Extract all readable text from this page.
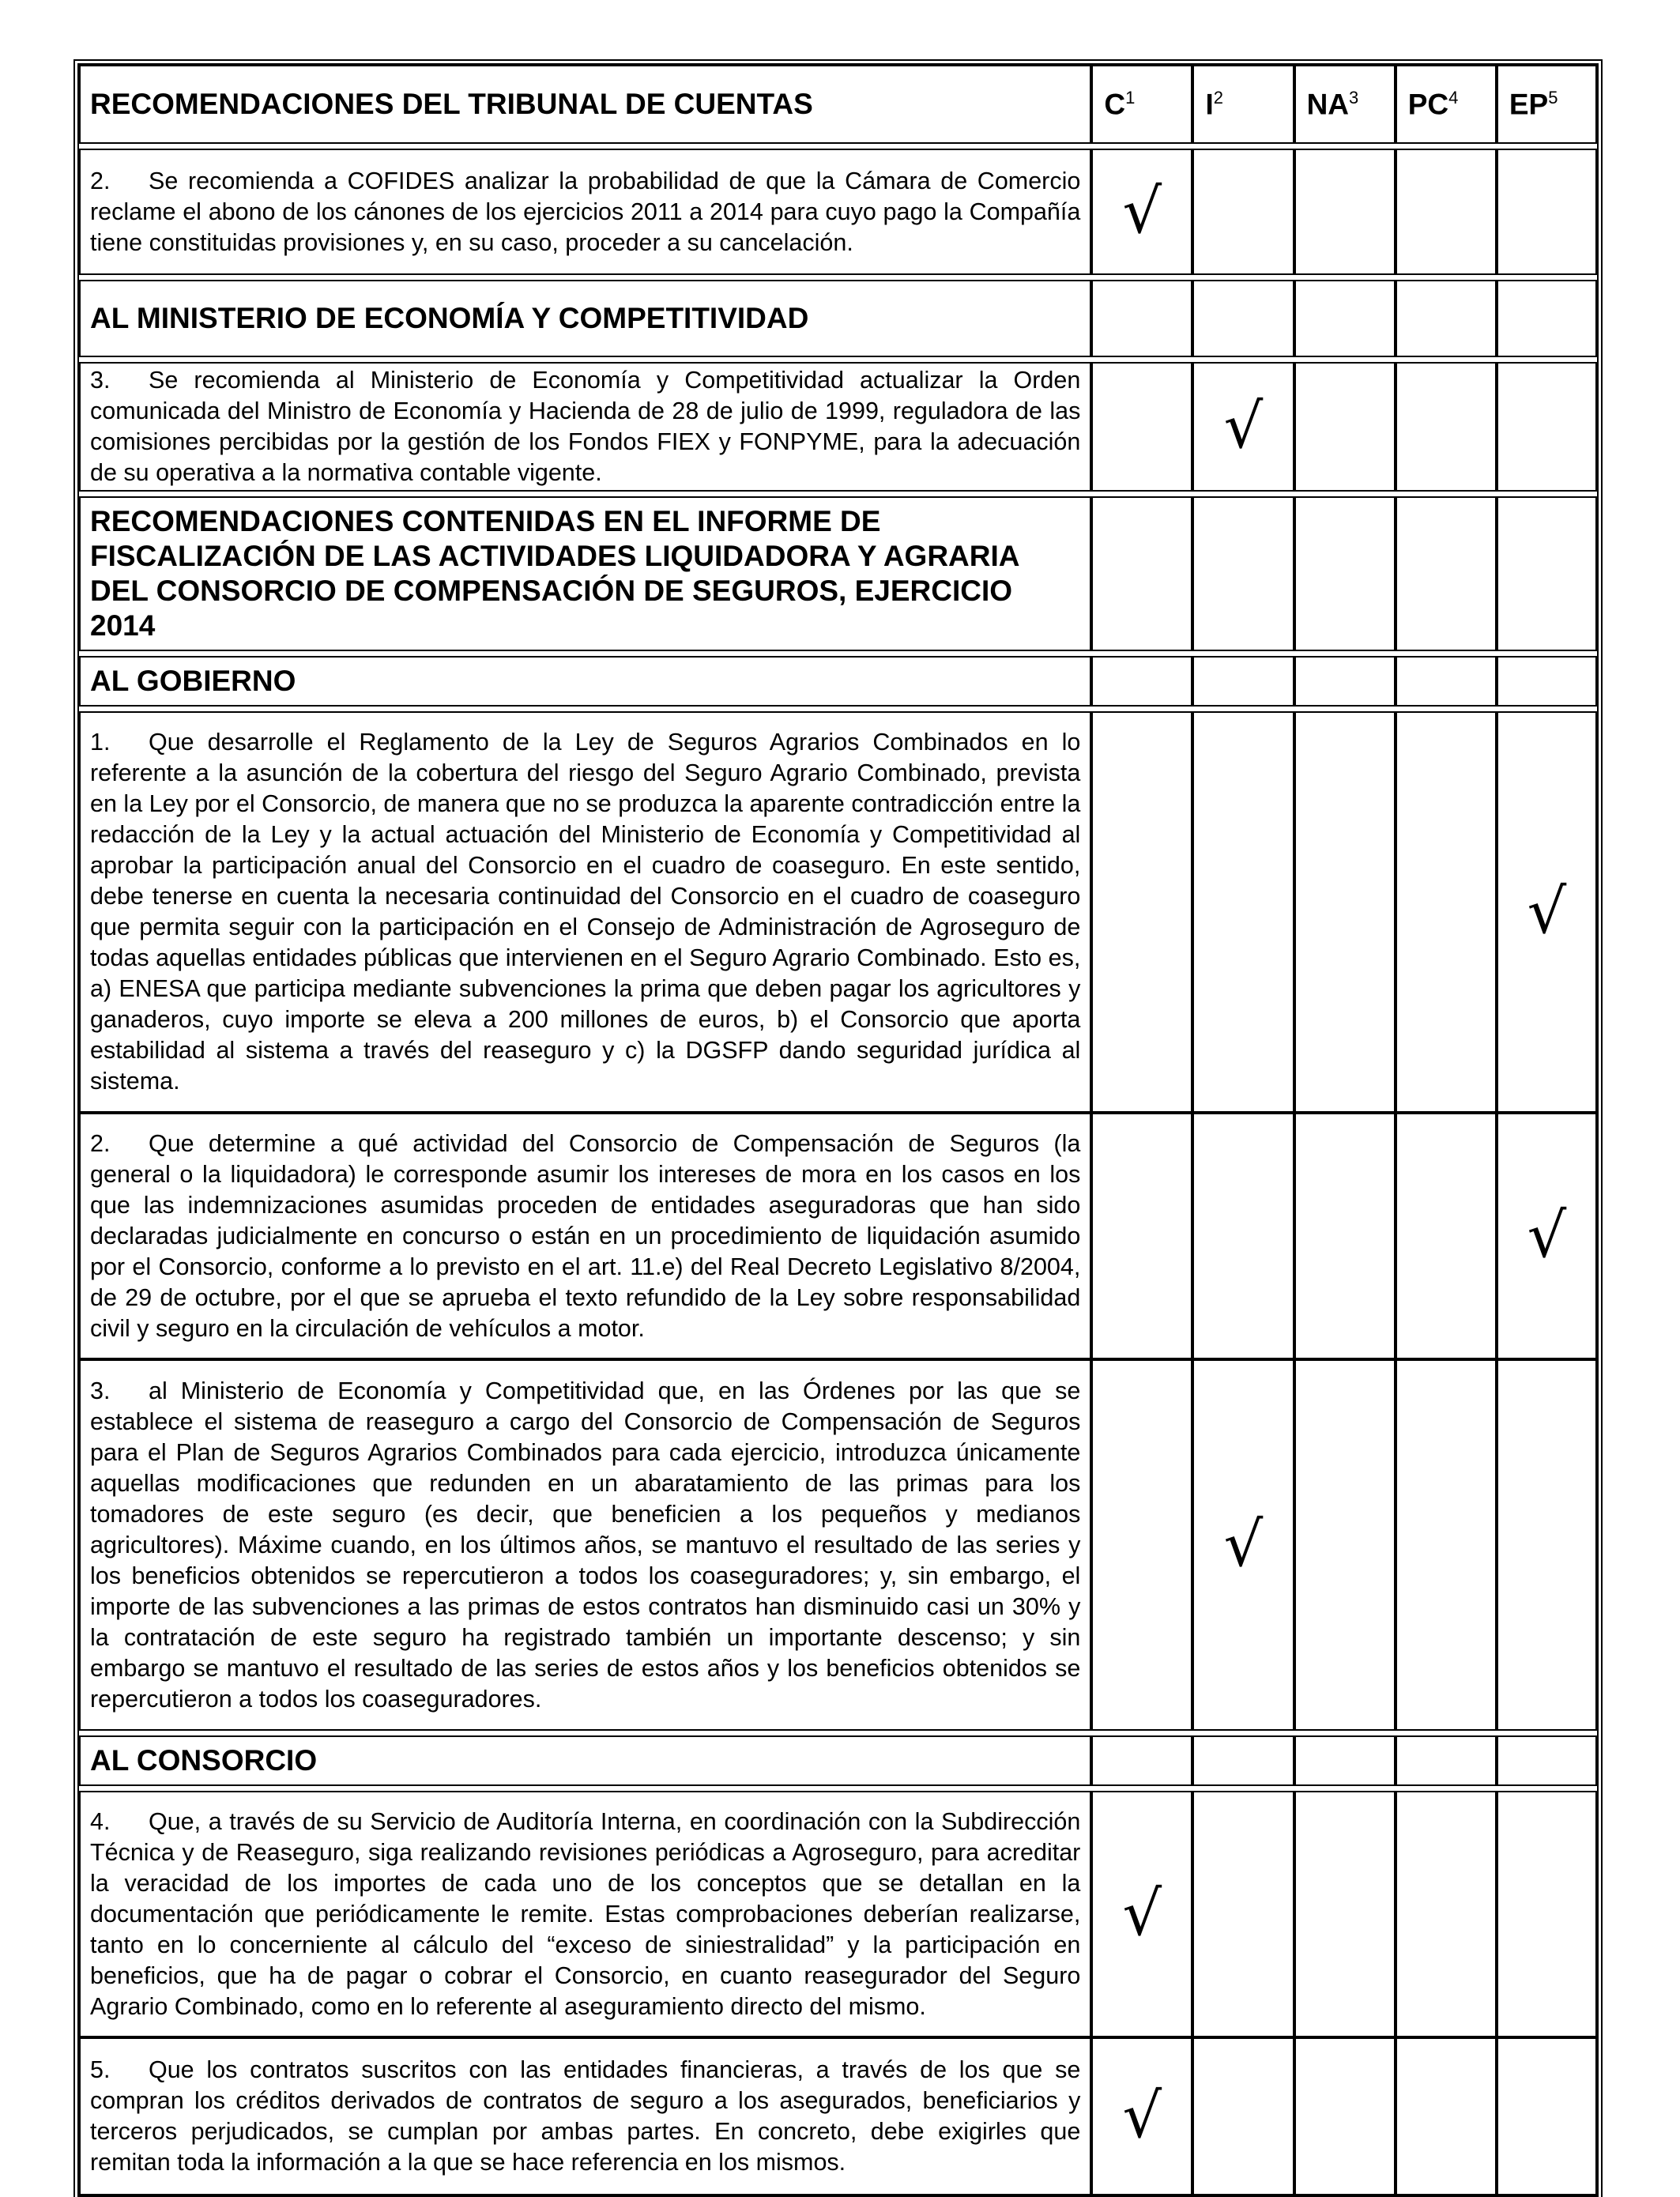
RECOMENDACIONES DEL TRIBUNAL DE CUENTAS	$C^1$	$I^2$	$NA^3$	$PC^4$	$EP^5$

2. Se recomienda a COFIDES analizar la probabilidad de que la Cámara de Comercio reclame el abono de los cánones de los ejercicios 2011 a 2014 para cuyo pago la Compañía tiene constituidas provisiones y, en su caso, proceder a su cancelación.	√				

AL MINISTERIO DE ECONOMÍA Y COMPETITIVIDAD					

3. Se recomienda al Ministerio de Economía y Competitividad actualizar la Orden comunicada del Ministro de Economía y Hacienda de 28 de julio de 1999, reguladora de las comisiones percibidas por la gestión de los Fondos FIEX y FONPYME, para la adecuación de su operativa a la normativa contable vigente.		√			

RECOMENDACIONES CONTENIDAS EN EL INFORME DE FISCALIZACIÓN DE LAS ACTIVIDADES LIQUIDADORA Y AGRARIA DEL CONSORCIO DE COMPENSACIÓN DE SEGUROS, EJERCICIO 2014					

AL GOBIERNO					

1. Que desarrolle el Reglamento de la Ley de Seguros Agrarios Combinados en lo referente a la asunción de la cobertura del riesgo del Seguro Agrario Combinado, prevista en la Ley por el Consorcio, de manera que no se produzca la aparente contradicción entre la redacción de la Ley y la actual actuación del Ministerio de Economía y Competitividad al aprobar la participación anual del Consorcio en el cuadro de coaseguro. En este sentido, debe tenerse en cuenta la necesaria continuidad del Consorcio en el cuadro de coaseguro que permita seguir con la participación en el Consejo de Administración de Agroseguro de todas aquellas entidades públicas que intervienen en el Seguro Agrario Combinado. Esto es, a) ENESA que participa mediante subvenciones la prima que deben pagar los agricultores y ganaderos, cuyo importe se eleva a 200 millones de euros, b) el Consorcio que aporta estabilidad al sistema a través del reaseguro y c) la DGSFP dando seguridad jurídica al sistema.					√
2. Que determine a qué actividad del Consorcio de Compensación de Seguros (la general o la liquidadora) le corresponde asumir los intereses de mora en los casos en los que las indemnizaciones asumidas proceden de entidades aseguradoras que han sido declaradas judicialmente en concurso o están en un procedimiento de liquidación asumido por el Consorcio, conforme a lo previsto en el art. 11.e) del Real Decreto Legislativo 8/2004, de 29 de octubre, por el que se aprueba el texto refundido de la Ley sobre responsabilidad civil y seguro en la circulación de vehículos a motor.					√
3. al Ministerio de Economía y Competitividad que, en las Órdenes por las que se establece el sistema de reaseguro a cargo del Consorcio de Compensación de Seguros para el Plan de Seguros Agrarios Combinados para cada ejercicio, introduzca únicamente aquellas modificaciones que redunden en un abaratamiento de las primas para los tomadores de este seguro (es decir, que beneficien a los pequeños y medianos agricultores). Máxime cuando, en los últimos años, se mantuvo el resultado de las series y los beneficios obtenidos se repercutieron a todos los coaseguradores; y, sin embargo, el importe de las subvenciones a las primas de estos contratos han disminuido casi un 30% y la contratación de este seguro ha registrado también un importante descenso; y sin embargo se mantuvo el resultado de las series de estos años y los beneficios obtenidos se repercutieron a todos los coaseguradores.		√			

AL CONSORCIO					

4. Que, a través de su Servicio de Auditoría Interna, en coordinación con la Subdirección Técnica y de Reaseguro, siga realizando revisiones periódicas a Agroseguro, para acreditar la veracidad de los importes de cada uno de los conceptos que se detallan en la documentación que periódicamente le remite. Estas comprobaciones deberían realizarse, tanto en lo concerniente al cálculo del “exceso de siniestralidad” y la participación en beneficios, que ha de pagar o cobrar el Consorcio, en cuanto reasegurador del Seguro Agrario Combinado, como en lo referente al aseguramiento directo del mismo.	√				
5. Que los contratos suscritos con las entidades financieras, a través de los que se compran los créditos derivados de contratos de seguro a los asegurados, beneficiarios y terceros perjudicados, se cumplan por ambas partes. En concreto, debe exigirles que remitan toda la información a la que se hace referencia en los mismos.	√				
